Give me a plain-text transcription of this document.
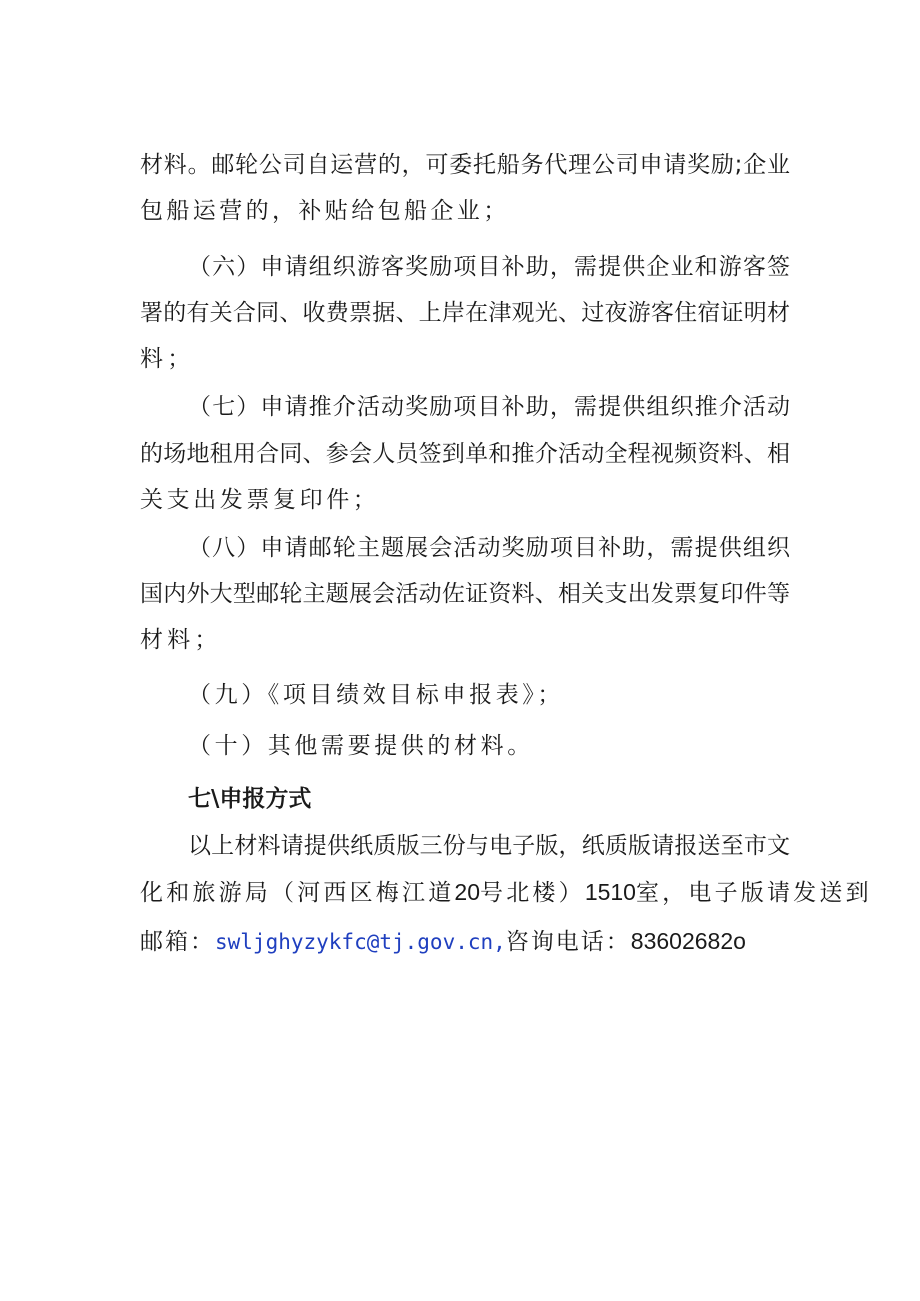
材料。邮轮公司自运营的，可委托船务代理公司申请奖励;企业
包船运营的，补贴给包船企业；
（六）申请组织游客奖励项目补助，需提供企业和游客签
署的有关合同、收费票据、上岸在津观光、过夜游客住宿证明材
料；
（七）申请推介活动奖励项目补助，需提供组织推介活动
的场地租用合同、参会人员签到单和推介活动全程视频资料、相
关支出发票复印件；
（八）申请邮轮主题展会活动奖励项目补助，需提供组织
国内外大型邮轮主题展会活动佐证资料、相关支出发票复印件等
材料；
（九）《项目绩效目标申报表》；
（十）其他需要提供的材料。
七\申报方式
以上材料请提供纸质版三份与电子版，纸质版请报送至市文
化和旅游局（河西区梅江道20号北楼）1510室，电子版请发送到
邮箱：swljghyzykfc@tj.gov.cn,咨询电话：83602682o
